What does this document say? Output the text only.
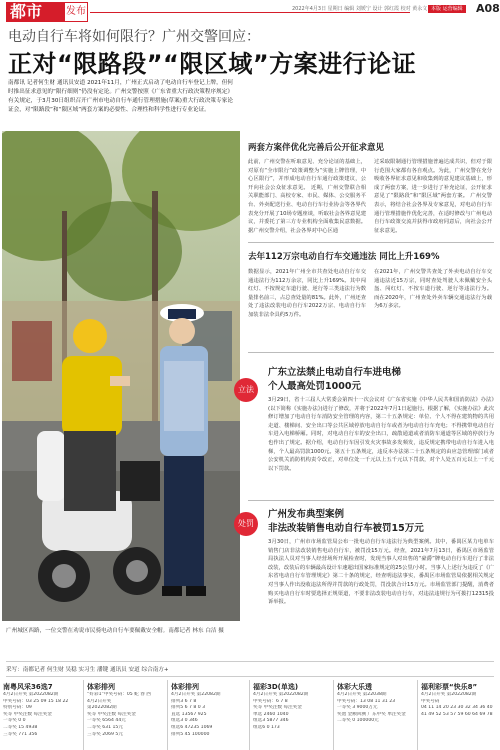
都市	发布	2022年4月3日 星期日 编辑 刘媛宁 设计 郭红霞 校对 黄永文 本版 运营编辑 A08
电动自行车将如何限行？广州交警回应：
正对“限路段”“限区域”方案进行论证
南都讯 记者何生财 通讯员安道 2021年11月，广州正式启动了电动自行车登记上牌，但何时推出征求意见的“限行细则”仍没有定论。广州交警按照《广东省重大行政决策程序规定》有关规定，于3月30日组织召开广州市电动自行车通行管理措施(草案)重大行政决策专家论证会，对“限路段”和“限区域”两套方案的必要性、合理性和科学性进行专业论证。
广州城区西路，一位交警在劝说市民骑电动自行车要佩戴安全帽。南都记者 林东 白洁 摄
两套方案伴优化完善后公开征求意见
此前，广州交警在听取意见、充分论证的基础上，对原有“全市限行”政策调整为“实施上牌管理，中心区限行”，并形成电动自行车通行政策建议，公开向社会公众征求意见。 近期，广州交警联合相关职能部门、高校专家、市民、媒体、公交服务平台、外卖配送行业、电动自行车行业协会等各界代表充分开展了10场专题座谈，听取社会各界意见建议，并委托了第三方专业机构全面收集民意数据。 据广州交警介绍，社会各界对中心区通
过采取限制通行管理措施普遍达成共识，但对于限行范围大家都有各自观点。为此，广州交警在充分吸收各界征求意见和收集到的意见建议基础上，形成了两套方案，进一步进行了补充论证，公开征求意见了“限路段”和“限区域”两套方案。 广州交警表示，将结合社会各界及专家意见，对电动自行车通行管理措施作优化完善，在适时修改与广州电动自行车政策交流并获得市政府同意后，向社会公开征求意见。
去年112万宗电动自行车交通违法 同比上升169%
数据显示，2021年广州全市共查处电动自行车交通违法行为112万余宗，同比上升169%。其中闯红灯、不按规定车道行驶、逆行等三类违法行为数量排名前三，占总查处量的81%。此外，广州还查处了违法改装电动自行车2022万宗、电动自行车加装非法伞具约5万件。
在2021年，广州交警共查处了外卖电动自行车交通违法近15万宗，同时查处驾驶人未佩戴安全头盔、闯红灯、不按车道行驶、逆行等违法行为。 而在2020年，广州查处外卖车辆交通违法行为载为6万多宗。
立法
广东立法禁止电动自行车进电梯
个人最高处罚1000元
3月29日，省十三届人大常委会第四十一次会议对《广东省实施《中华人民共和国消防法》办法》(以下简称《实施办法》)进行了修改，并将于2022年7月1日起施行。根据了解，《实施办法》此次修订增加了电动自行车消防安全管理的内容，第二十五条规定：单位、个人不得在建筑物的共用走道、楼梯间、安全出口等公共区域停放电动自行车或者为电动自行车充电；不得携带电动自行车进入电梯桥厢。同时，对电动自行车的安全出口，疏散通道或者消防车通道等区域的停放行为也作出了规定。据介绍，电动自行车因引发火灾事故多发频发，违反规定携带电动自行车进入电梯，个人最高罚款1000元。第五十五条规定，违反本办法第二十五条规定的由应急管理部门或者公安机关消防机构责令改正，对单位处一千元以上五千元以下罚款，对个人处五百元以上一千元以下罚款。
处罚
广州发布典型案例
非法改装销售电动自行车被罚15万元
3月30日，广州市市场监管局公布一批电动自行车违法行为典型案例。其中，番禺区某力电单车销售门店非法改装销售电动自行车，被罚没15万元。经查，2021年7月13日，番禺区市场监管局执法人员对当事人经营场所开展检查时，发现当事人对出售的“豪爵”牌电动自行车进行了非法改装，改装后的车辆最高设计车速超出国家标准规定的25公里/小时。当事人上述行为违反了《广东省电动自行车管理规定》第二十条的规定，经查明违法事实，番禺区市场监管局依据相关规定对当事人作出没收违法所得并罚款的行政处罚，罚没款合计15万元。市场监管部门提醒，消费者购买电动自行车时要选择正规渠道，不要非法改装电动自行车，对违法违规行为可拨打12315投诉举报。
采写：南都记者 何生财 吴稳 实习生 潘键 通讯员 安道 综合南方+
南粤风采36选7
4月2日开奖 第2022082期
中奖号码：03 25 09 15 18 22
特别号码：09
奖等 中奖注数 每注奖金
一等奖 0 0
二等奖 15 4938
三等奖 771 356
体彩排列
“好彩1”中奖号码：05 蛇 春 西
4月2日开奖
第2022082期
奖等 中奖注数 每注奖金
一等奖 6564 44元
二等奖 631 15元
三等奖 2069 5元
体彩排列
4月2日开奖 第22082期
排列3 6 7 8
排列5 6 7 8 0 3
直选 13567 925
组选3 0 346
组选6 47235 1069
排列5 45 100000
福彩3D(单选)
4月2日开奖 第2022082期
中奖号码：6 7 8
奖等 中奖注数 每注奖金
单选 2460 1040
组选3 5877 346
组选6 0 173
体彩大乐透
4月2日开奖 第22038期
中奖号码：13 08 11 31 23
一等奖 3 9000万元
奖池 金额回溯 广东中奖 单注奖金
二等奖 0 100000元
福利彩票“快乐8”
4月2日开奖 第2022082期
中奖号码
04 11 14 20 23 30 32 34 36 40
41 49 52 53 57 59 60 64 69 78
